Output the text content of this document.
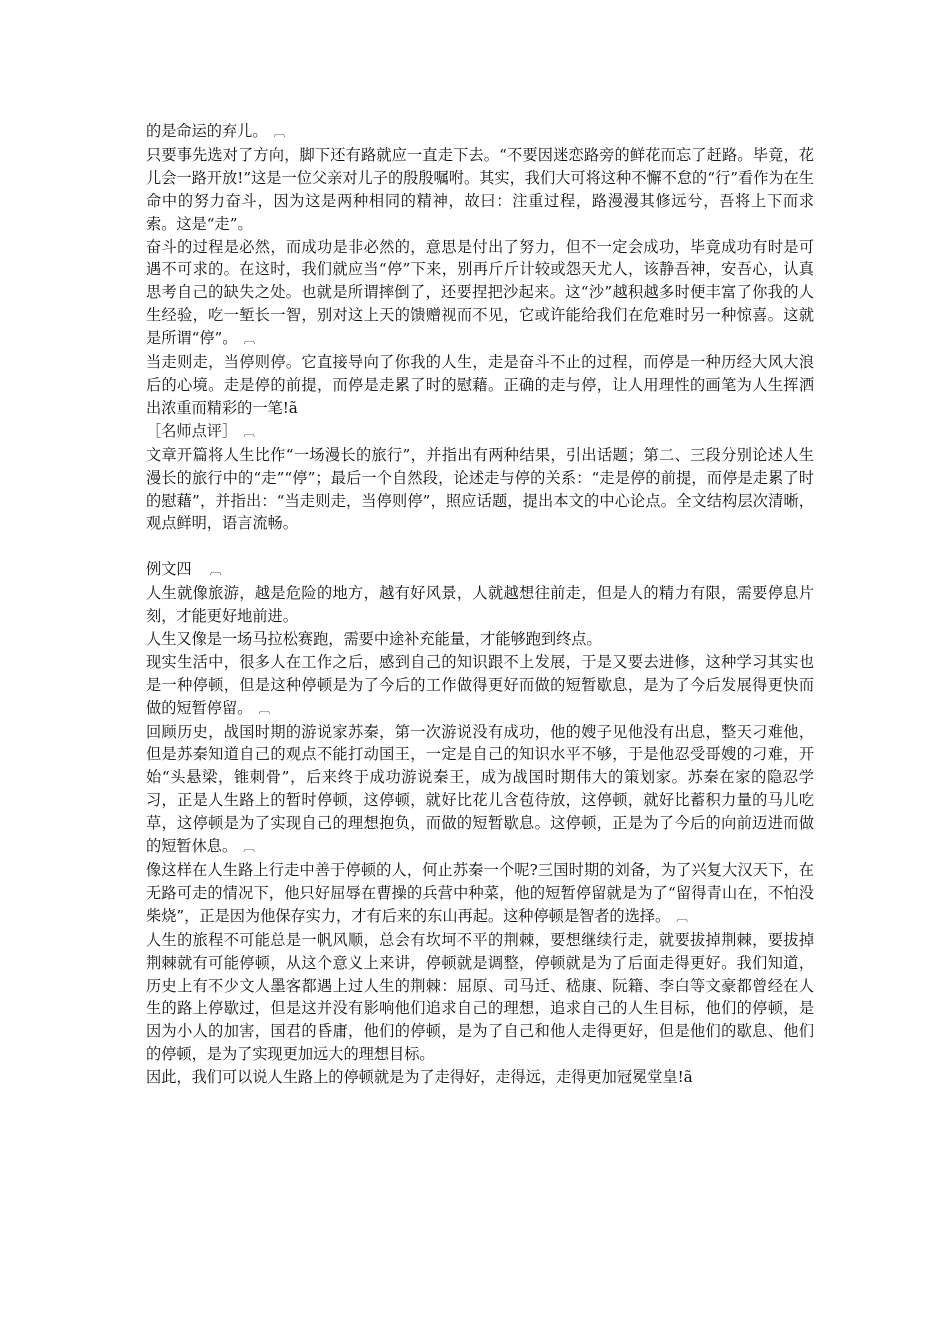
的是命运的弃儿。 ︹

只要事先选对了方向，脚下还有路就应一直走下去。“不要因迷恋路旁的鲜花而忘了赶路。毕竟，花儿会一路开放!”这是一位父亲对儿子的殷殷嘱咐。其实，我们大可将这种不懈不怠的“行”看作为在生命中的努力奋斗，因为这是两种相同的精神，故曰：注重过程，路漫漫其修远兮，吾将上下而求索。这是“走”。

奋斗的过程是必然，而成功是非必然的，意思是付出了努力，但不一定会成功，毕竟成功有时是可遇不可求的。在这时，我们就应当“停”下来，别再斤斤计较或怨天尤人，该静吾神，安吾心，认真思考自己的缺失之处。也就是所谓摔倒了，还要捏把沙起来。这“沙”越积越多时便丰富了你我的人生经验，吃一堑长一智，别对这上天的馈赠视而不见，它或许能给我们在危难时另一种惊喜。这就是所谓“停”。 ︹

当走则走，当停则停。它直接导向了你我的人生，走是奋斗不止的过程，而停是一种历经大风大浪后的心境。走是停的前提，而停是走累了时的慰藉。正确的走与停，让人用理性的画笔为人生挥洒出浓重而精彩的一笔!ã

［名师点评］ ︹

文章开篇将人生比作“一场漫长的旅行”，并指出有两种结果，引出话题；第二、三段分别论述人生漫长的旅行中的“走”“停”；最后一个自然段，论述走与停的关系：“走是停的前提，而停是走累了时的慰藉”，并指出：“当走则走，当停则停”，照应话题，提出本文的中心论点。全文结构层次清晰，观点鲜明，语言流畅。

例文四 ︹

人生就像旅游，越是危险的地方，越有好风景，人就越想往前走，但是人的精力有限，需要停息片刻，才能更好地前进。

人生又像是一场马拉松赛跑，需要中途补充能量，才能够跑到终点。

现实生活中，很多人在工作之后，感到自己的知识跟不上发展，于是又要去进修，这种学习其实也是一种停顿，但是这种停顿是为了今后的工作做得更好而做的短暂歇息，是为了今后发展得更快而做的短暂停留。 ︹

回顾历史，战国时期的游说家苏秦，第一次游说没有成功，他的嫂子见他没有出息，整天刁难他，但是苏秦知道自己的观点不能打动国王，一定是自己的知识水平不够，于是他忍受哥嫂的刁难，开始“头悬梁，锥刺骨”，后来终于成功游说秦王，成为战国时期伟大的策划家。苏秦在家的隐忍学习，正是人生路上的暂时停顿，这停顿，就好比花儿含苞待放，这停顿，就好比蓄积力量的马儿吃草，这停顿是为了实现自己的理想抱负，而做的短暂歇息。这停顿，正是为了今后的向前迈进而做的短暂休息。 ︹

像这样在人生路上行走中善于停顿的人，何止苏秦一个呢?三国时期的刘备，为了兴复大汉天下，在无路可走的情况下，他只好屈辱在曹操的兵营中种菜，他的短暂停留就是为了“留得青山在，不怕没柴烧”，正是因为他保存实力，才有后来的东山再起。这种停顿是智者的选择。 ︹

人生的旅程不可能总是一帆风顺，总会有坎坷不平的荆棘，要想继续行走，就要拔掉荆棘，要拔掉荆棘就有可能停顿，从这个意义上来讲，停顿就是调整，停顿就是为了后面走得更好。我们知道，历史上有不少文人墨客都遇上过人生的荆棘：屈原、司马迁、嵇康、阮籍、李白等文豪都曾经在人生的路上停歇过，但是这并没有影响他们追求自己的理想，追求自己的人生目标，他们的停顿，是因为小人的加害，国君的昏庸，他们的停顿，是为了自己和他人走得更好，但是他们的歇息、他们的停顿，是为了实现更加远大的理想目标。

因此，我们可以说人生路上的停顿就是为了走得好，走得远，走得更加冠冕堂皇!ã
